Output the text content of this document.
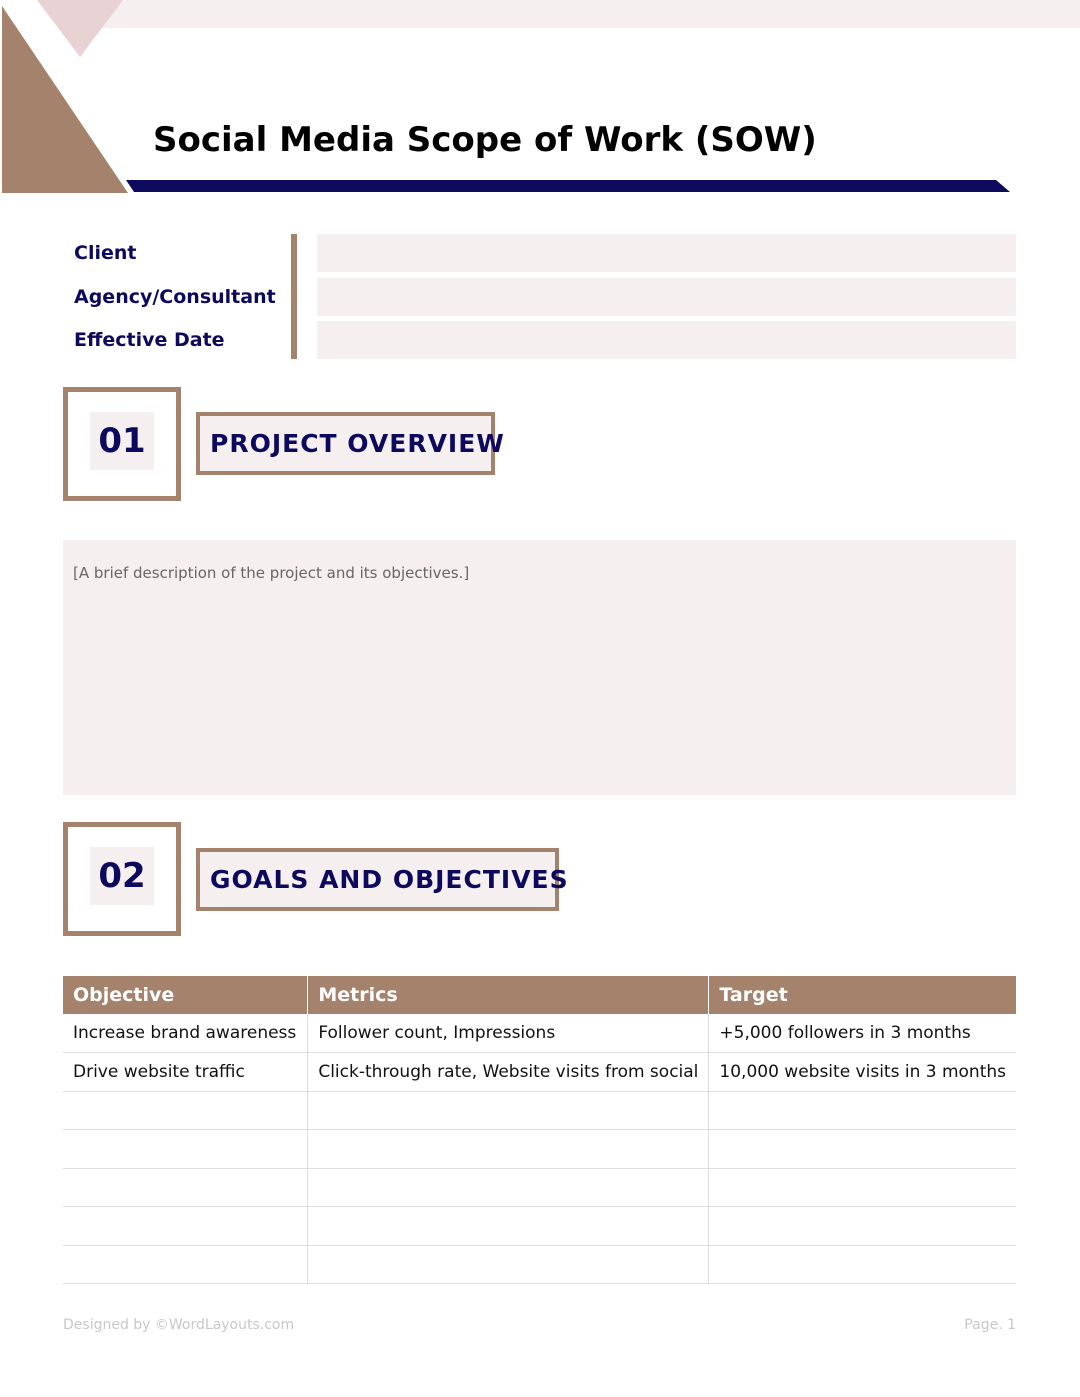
Social Media Scope of Work (SOW)
Client
Agency/Consultant
Effective Date
01	PROJECT OVERVIEW
[A brief description of the project and its objectives.]
02	GOALS AND OBJECTIVES
Objective	Metrics	Target
Increase brand awareness	Follower count, Impressions	+5,000 followers in 3 months
Drive website traffic	Click-through rate, Website visits from social	10,000 website visits in 3 months

Designed by ©WordLayouts.com	Page. 1
